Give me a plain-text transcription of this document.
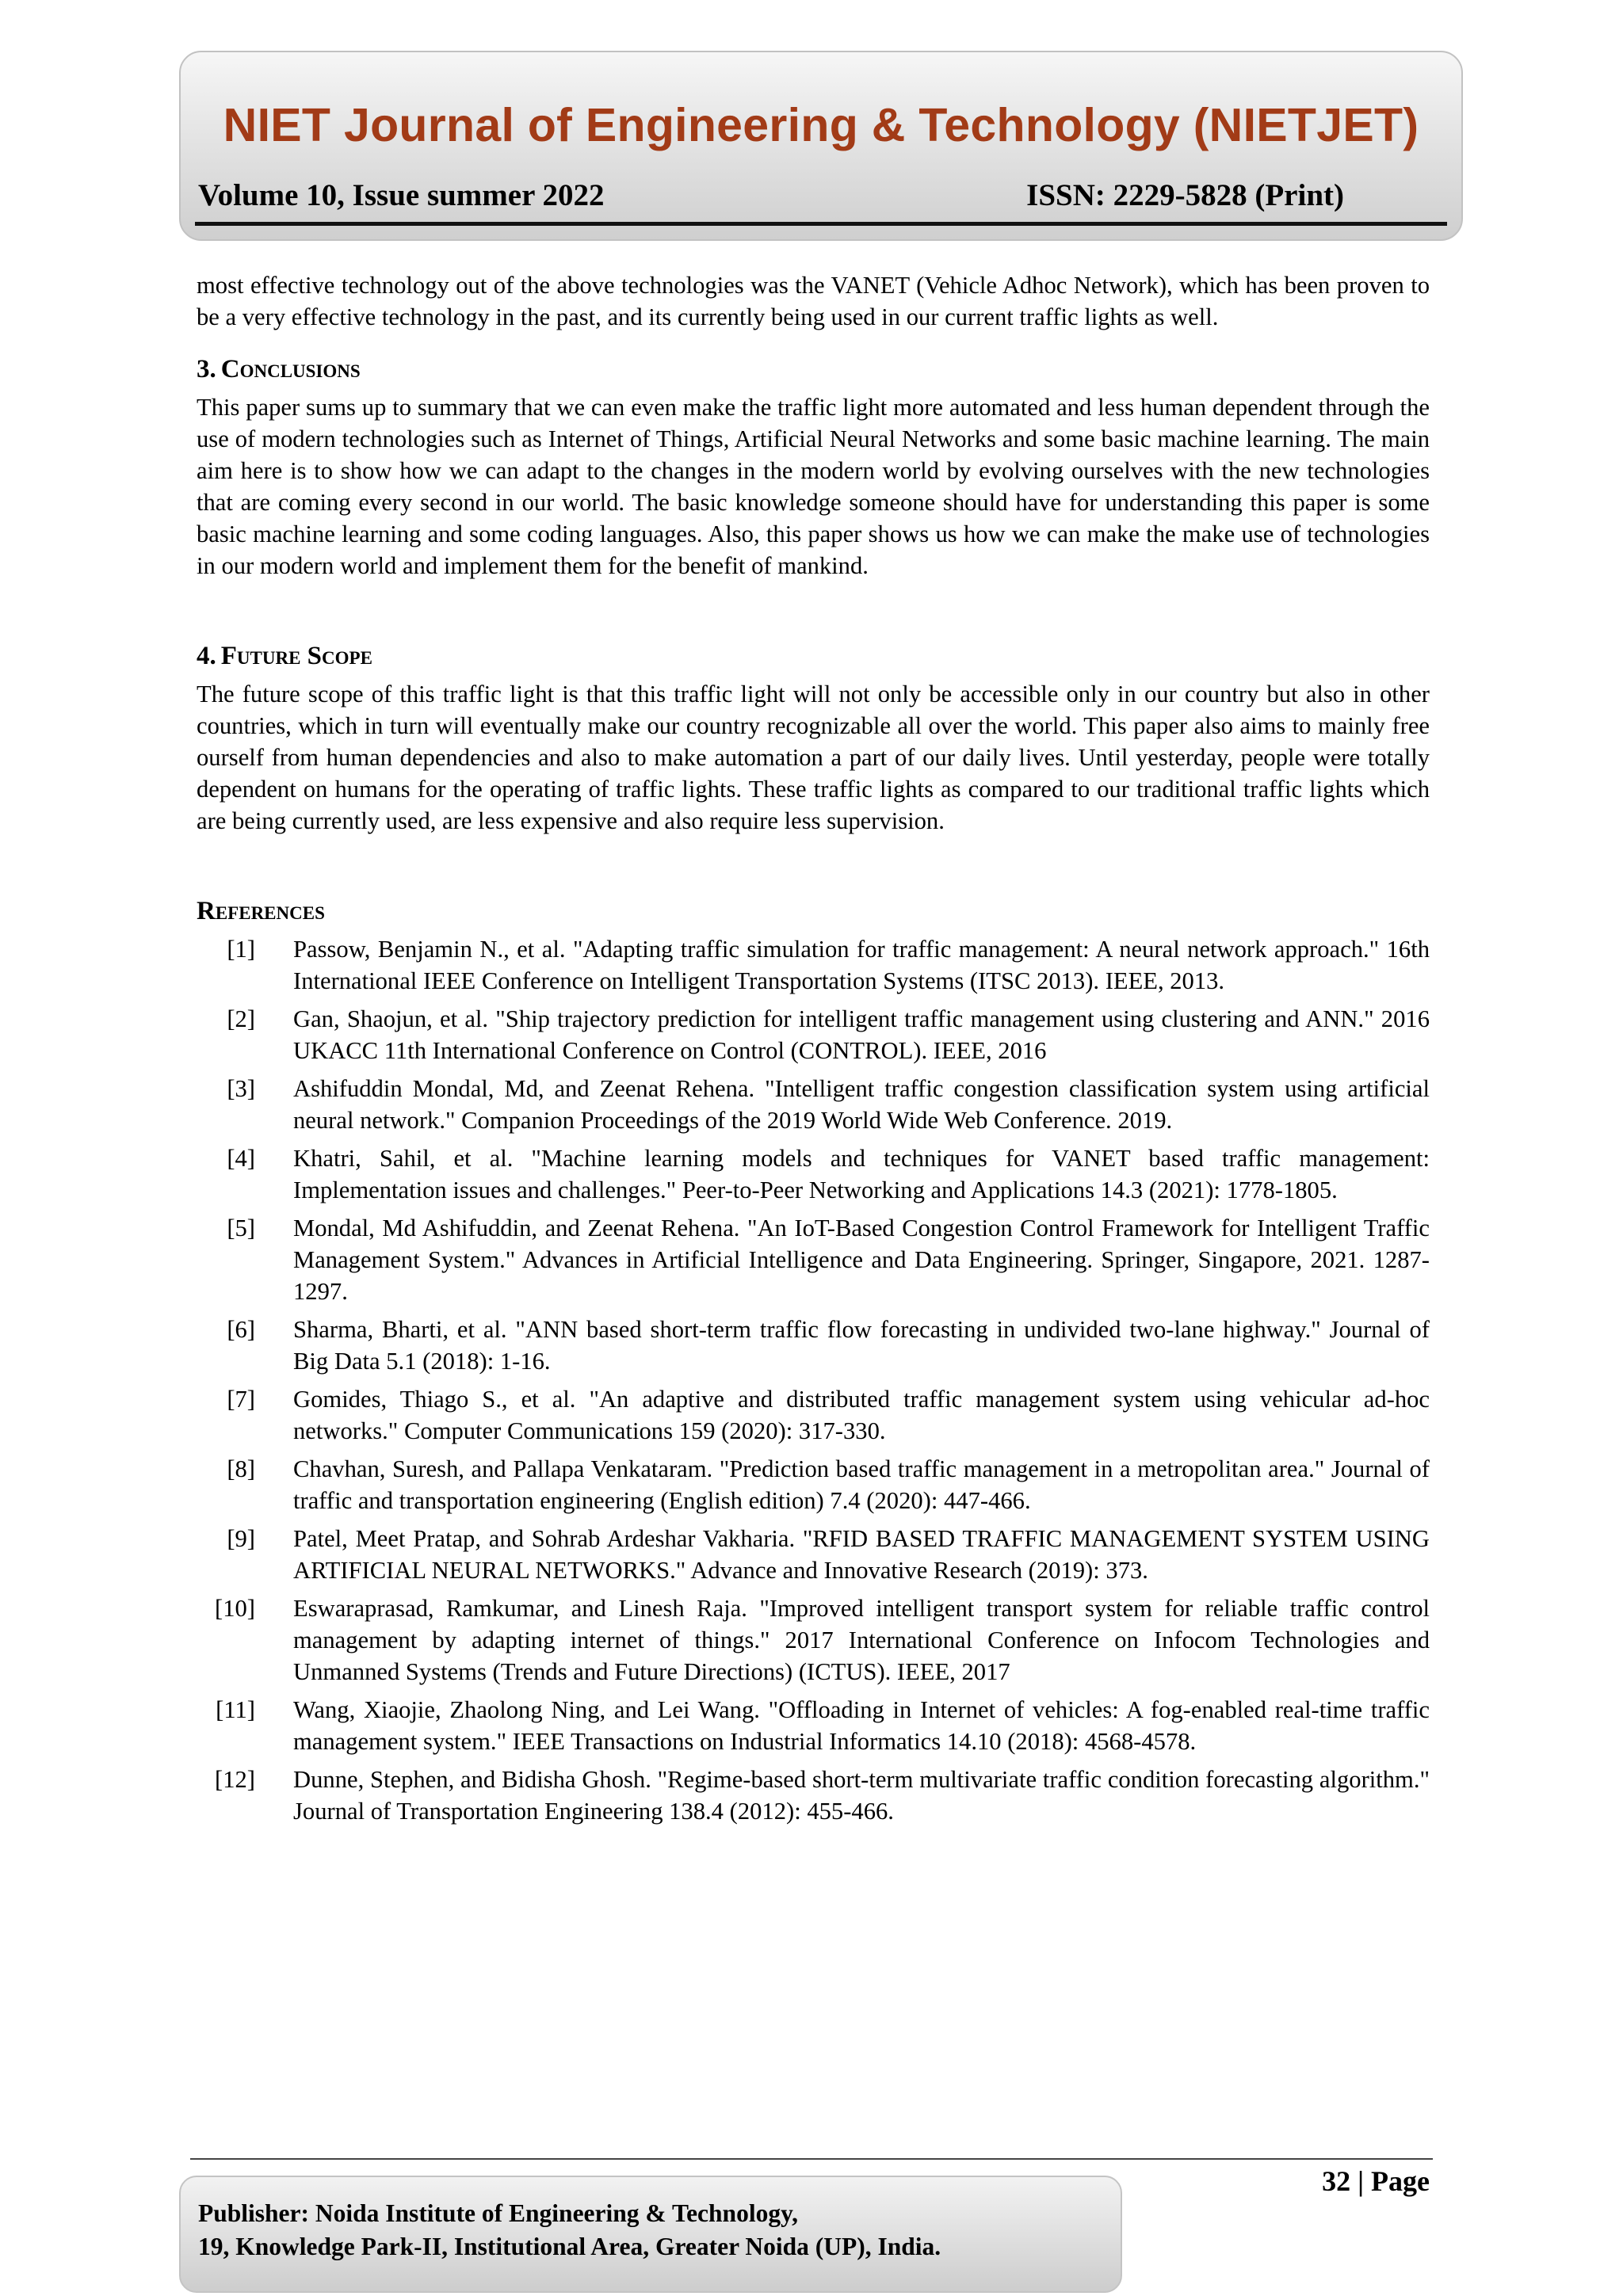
NIET Journal of Engineering & Technology (NIETJET)
Volume 10, Issue summer 2022	ISSN: 2229-5828 (Print)

most effective technology out of the above technologies was the VANET (Vehicle Adhoc Network), which has been proven to be a very effective technology in the past, and its currently being used in our current traffic lights as well.

3. Conclusions

This paper sums up to summary that we can even make the traffic light more automated and less human dependent through the use of modern technologies such as Internet of Things, Artificial Neural Networks and some basic machine learning. The main aim here is to show how we can adapt to the changes in the modern world by evolving ourselves with the new technologies that are coming every second in our world. The basic knowledge someone should have for understanding this paper is some basic machine learning and some coding languages. Also, this paper shows us how we can make the make use of technologies in our modern world and implement them for the benefit of mankind.

4. Future Scope

The future scope of this traffic light is that this traffic light will not only be accessible only in our country but also in other countries, which in turn will eventually make our country recognizable all over the world. This paper also aims to mainly free ourself from human dependencies and also to make automation a part of our daily lives. Until yesterday, people were totally dependent on humans for the operating of traffic lights. These traffic lights as compared to our traditional traffic lights which are being currently used, are less expensive and also require less supervision.

References
[1] Passow, Benjamin N., et al. "Adapting traffic simulation for traffic management: A neural network approach." 16th International IEEE Conference on Intelligent Transportation Systems (ITSC 2013). IEEE, 2013.
[2] Gan, Shaojun, et al. "Ship trajectory prediction for intelligent traffic management using clustering and ANN." 2016 UKACC 11th International Conference on Control (CONTROL). IEEE, 2016
[3] Ashifuddin Mondal, Md, and Zeenat Rehena. "Intelligent traffic congestion classification system using artificial neural network." Companion Proceedings of the 2019 World Wide Web Conference. 2019.
[4] Khatri, Sahil, et al. "Machine learning models and techniques for VANET based traffic management: Implementation issues and challenges." Peer-to-Peer Networking and Applications 14.3 (2021): 1778-1805.
[5] Mondal, Md Ashifuddin, and Zeenat Rehena. "An IoT-Based Congestion Control Framework for Intelligent Traffic Management System." Advances in Artificial Intelligence and Data Engineering. Springer, Singapore, 2021. 1287-1297.
[6] Sharma, Bharti, et al. "ANN based short-term traffic flow forecasting in undivided two-lane highway." Journal of Big Data 5.1 (2018): 1-16.
[7] Gomides, Thiago S., et al. "An adaptive and distributed traffic management system using vehicular ad-hoc networks." Computer Communications 159 (2020): 317-330.
[8] Chavhan, Suresh, and Pallapa Venkataram. "Prediction based traffic management in a metropolitan area." Journal of traffic and transportation engineering (English edition) 7.4 (2020): 447-466.
[9] Patel, Meet Pratap, and Sohrab Ardeshar Vakharia. "RFID BASED TRAFFIC MANAGEMENT SYSTEM USING ARTIFICIAL NEURAL NETWORKS." Advance and Innovative Research (2019): 373.
[10] Eswaraprasad, Ramkumar, and Linesh Raja. "Improved intelligent transport system for reliable traffic control management by adapting internet of things." 2017 International Conference on Infocom Technologies and Unmanned Systems (Trends and Future Directions) (ICTUS). IEEE, 2017
[11] Wang, Xiaojie, Zhaolong Ning, and Lei Wang. "Offloading in Internet of vehicles: A fog-enabled real-time traffic management system." IEEE Transactions on Industrial Informatics 14.10 (2018): 4568-4578.
[12] Dunne, Stephen, and Bidisha Ghosh. "Regime-based short-term multivariate traffic condition forecasting algorithm." Journal of Transportation Engineering 138.4 (2012): 455-466.
32 | Page
Publisher: Noida Institute of Engineering & Technology,
19, Knowledge Park-II, Institutional Area, Greater Noida (UP), India.
